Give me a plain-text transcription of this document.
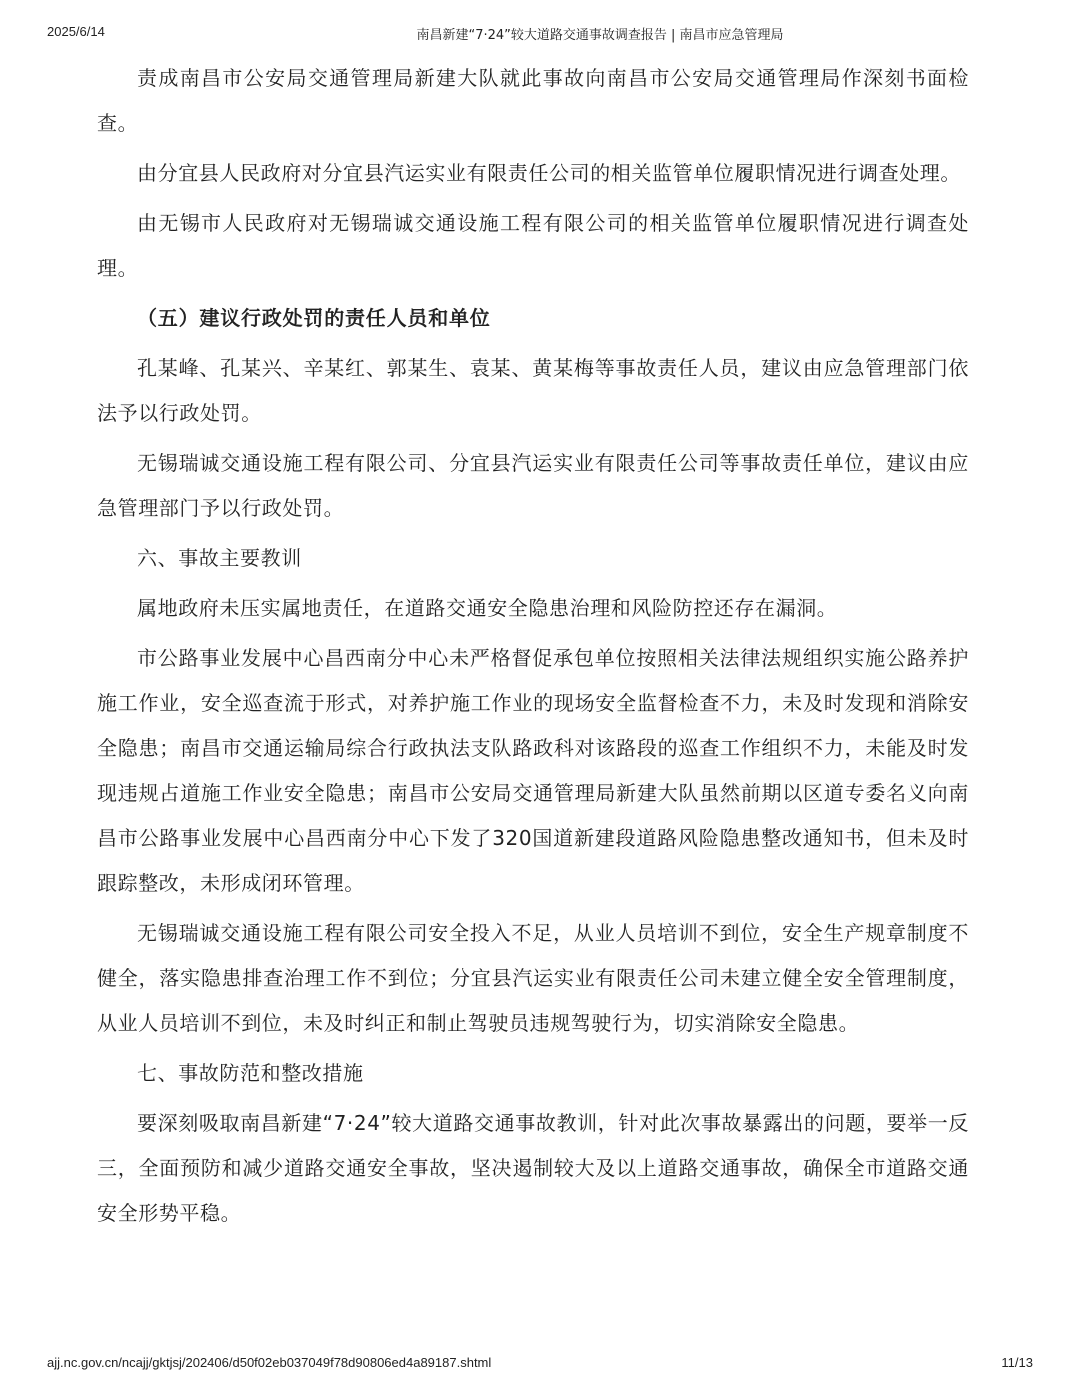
2025/6/14	南昌新建“7·24”较大道路交通事故调查报告 | 南昌市应急管理局

责成南昌市公安局交通管理局新建大队就此事故向南昌市公安局交通管理局作深刻书面检查。

由分宜县人民政府对分宜县汽运实业有限责任公司的相关监管单位履职情况进行调查处理。

由无锡市人民政府对无锡瑞诚交通设施工程有限公司的相关监管单位履职情况进行调查处理。

（五）建议行政处罚的责任人员和单位

孔某峰、孔某兴、辛某红、郭某生、袁某、黄某梅等事故责任人员，建议由应急管理部门依法予以行政处罚。

无锡瑞诚交通设施工程有限公司、分宜县汽运实业有限责任公司等事故责任单位，建议由应急管理部门予以行政处罚。

六、事故主要教训

属地政府未压实属地责任，在道路交通安全隐患治理和风险防控还存在漏洞。

市公路事业发展中心昌西南分中心未严格督促承包单位按照相关法律法规组织实施公路养护施工作业，安全巡查流于形式，对养护施工作业的现场安全监督检查不力，未及时发现和消除安全隐患；南昌市交通运输局综合行政执法支队路政科对该路段的巡查工作组织不力，未能及时发现违规占道施工作业安全隐患；南昌市公安局交通管理局新建大队虽然前期以区道专委名义向南昌市公路事业发展中心昌西南分中心下发了320国道新建段道路风险隐患整改通知书，但未及时跟踪整改，未形成闭环管理。

无锡瑞诚交通设施工程有限公司安全投入不足，从业人员培训不到位，安全生产规章制度不健全，落实隐患排查治理工作不到位；分宜县汽运实业有限责任公司未建立健全安全管理制度，从业人员培训不到位，未及时纠正和制止驾驶员违规驾驶行为，切实消除安全隐患。

七、事故防范和整改措施

要深刻吸取南昌新建“7·24”较大道路交通事故教训，针对此次事故暴露出的问题，要举一反三，全面预防和减少道路交通安全事故，坚决遏制较大及以上道路交通事故，确保全市道路交通安全形势平稳。

ajj.nc.gov.cn/ncajj/gktjsj/202406/d50f02eb037049f78d90806ed4a89187.shtml	11/13
